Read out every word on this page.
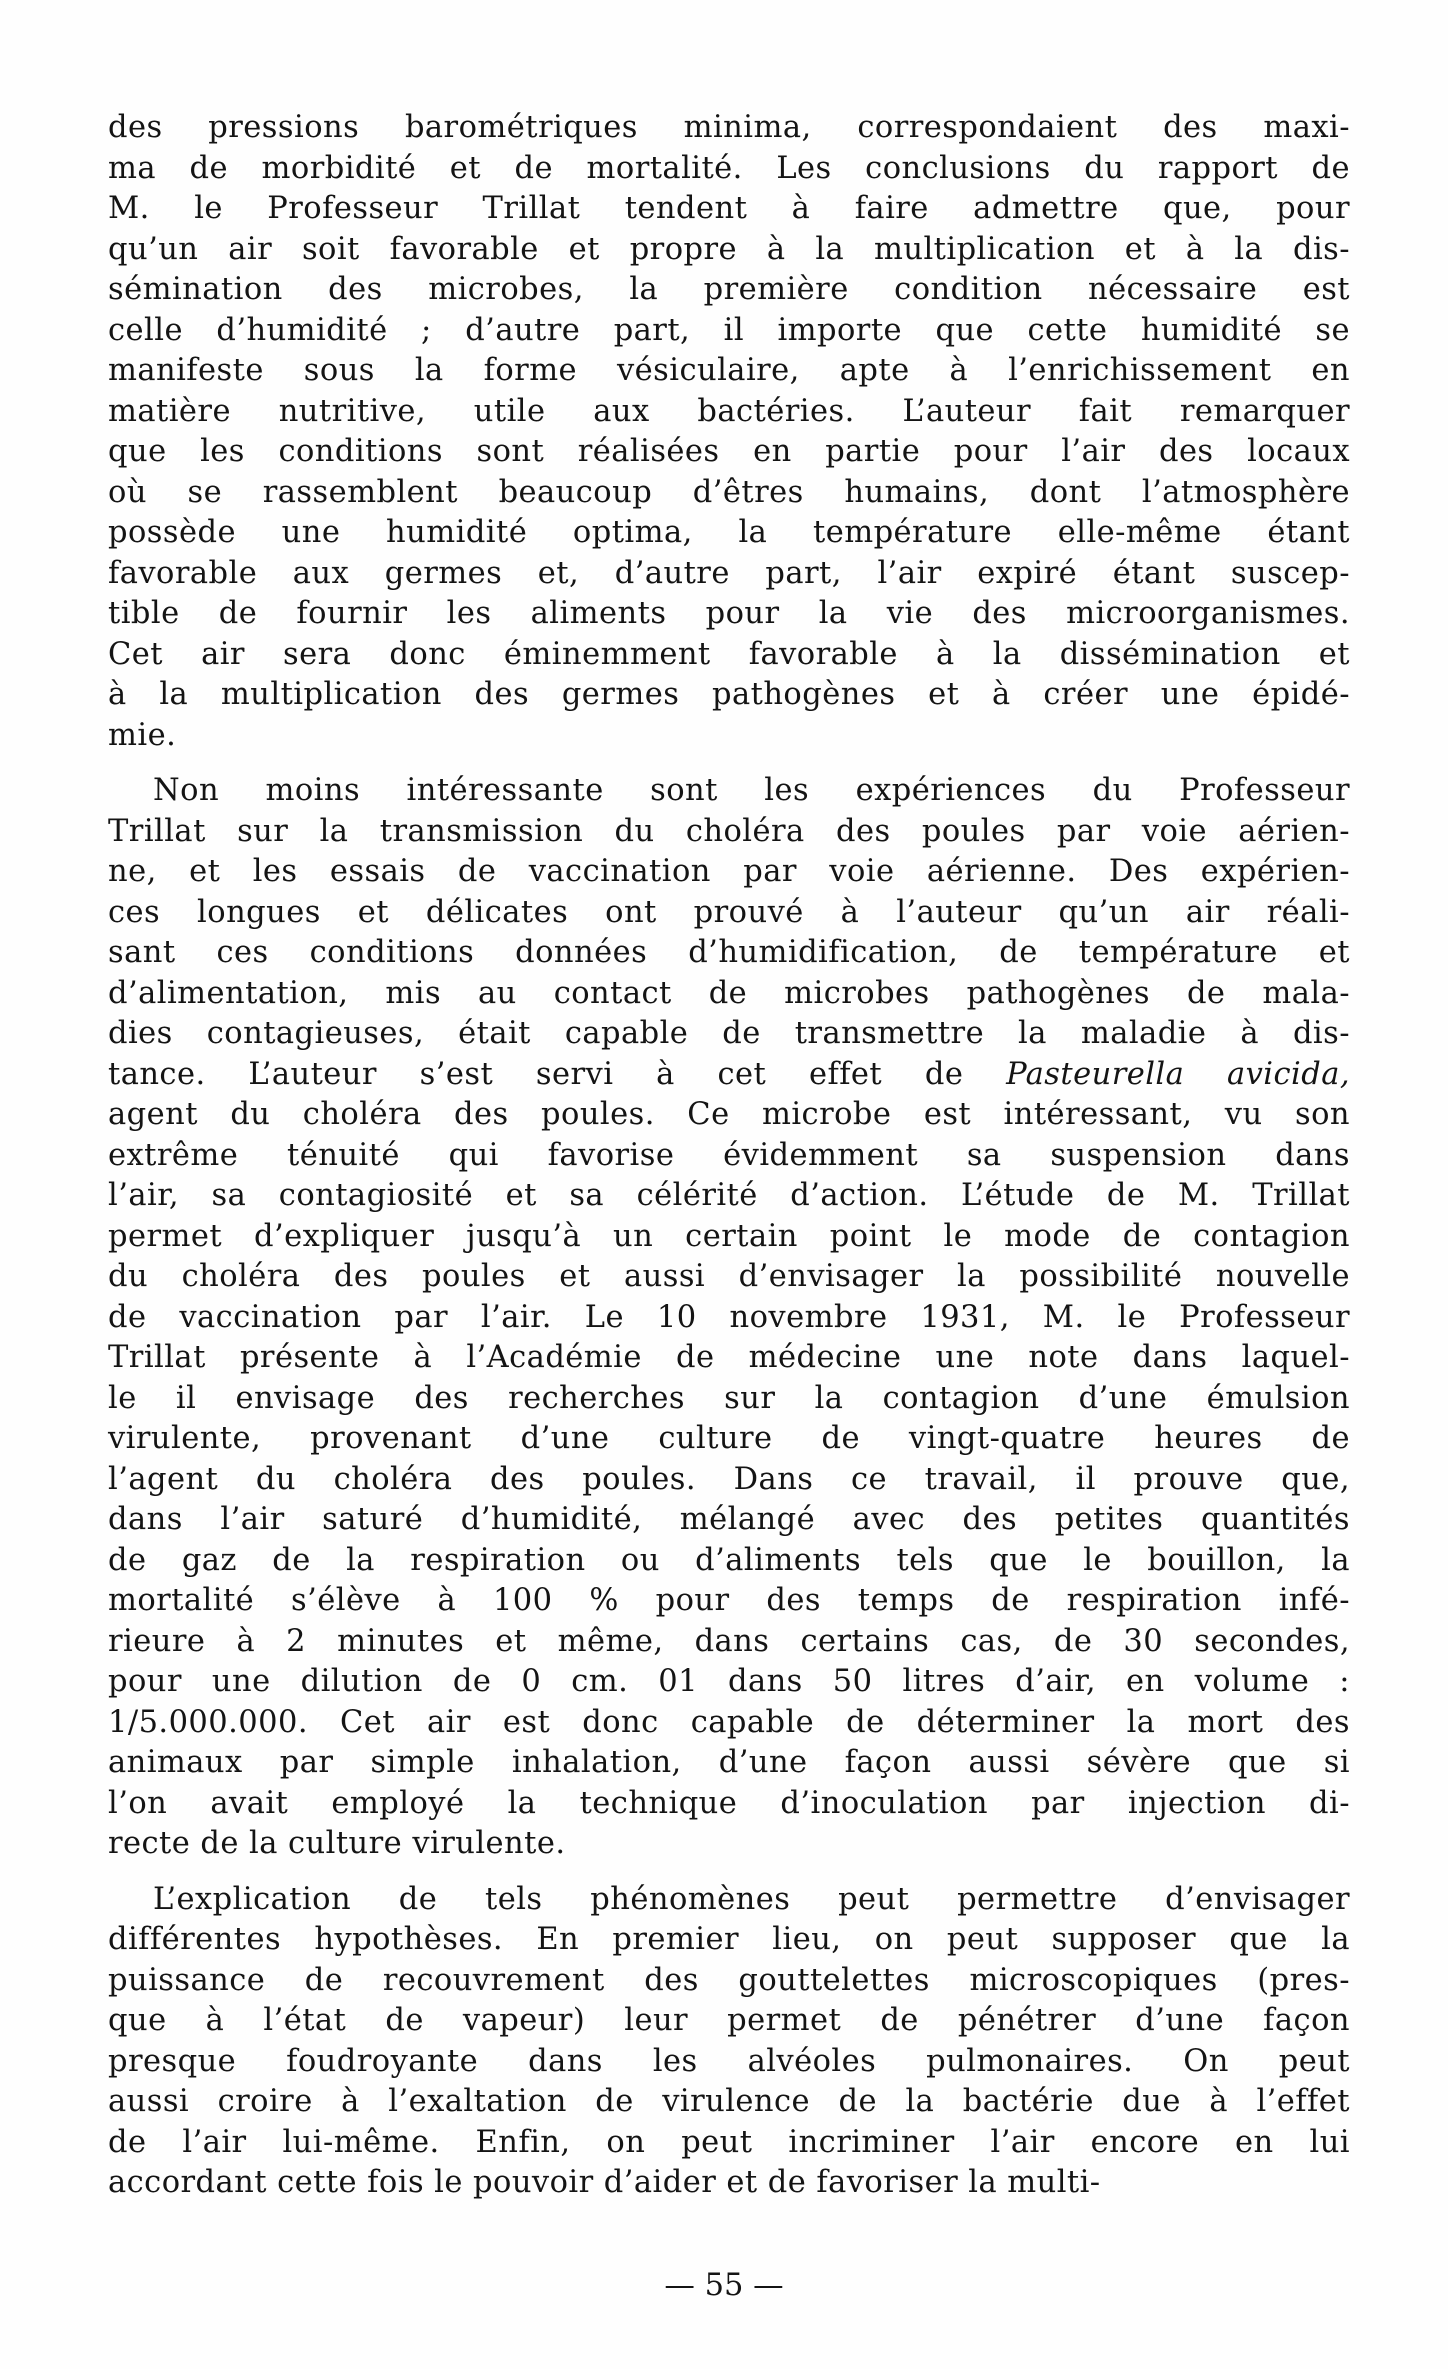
des pressions barométriques minima, correspondaient des maxi-
ma de morbidité et de mortalité. Les conclusions du rapport de
M. le Professeur Trillat tendent à faire admettre que, pour
qu’un air soit favorable et propre à la multiplication et à la dis-
sémination des microbes, la première condition nécessaire est
celle d’humidité ; d’autre part, il importe que cette humidité se
manifeste sous la forme vésiculaire, apte à l’enrichissement en
matière nutritive, utile aux bactéries. L’auteur fait remarquer
que les conditions sont réalisées en partie pour l’air des locaux
où se rassemblent beaucoup d’êtres humains, dont l’atmosphère
possède une humidité optima, la température elle-même étant
favorable aux germes et, d’autre part, l’air expiré étant suscep-
tible de fournir les aliments pour la vie des microorganismes.
Cet air sera donc éminemment favorable à la dissémination et
à la multiplication des germes pathogènes et à créer une épidé-
mie.
Non moins intéressante sont les expériences du Professeur
Trillat sur la transmission du choléra des poules par voie aérien-
ne, et les essais de vaccination par voie aérienne. Des expérien-
ces longues et délicates ont prouvé à l’auteur qu’un air réali-
sant ces conditions données d’humidification, de température et
d’alimentation, mis au contact de microbes pathogènes de mala-
dies contagieuses, était capable de transmettre la maladie à dis-
tance. L’auteur s’est servi à cet effet de Pasteurella avicida,
agent du choléra des poules. Ce microbe est intéressant, vu son
extrême ténuité qui favorise évidemment sa suspension dans
l’air, sa contagiosité et sa célérité d’action. L’étude de M. Trillat
permet d’expliquer jusqu’à un certain point le mode de contagion
du choléra des poules et aussi d’envisager la possibilité nouvelle
de vaccination par l’air. Le 10 novembre 1931, M. le Professeur
Trillat présente à l’Académie de médecine une note dans laquel-
le il envisage des recherches sur la contagion d’une émulsion
virulente, provenant d’une culture de vingt-quatre heures de
l’agent du choléra des poules. Dans ce travail, il prouve que,
dans l’air saturé d’humidité, mélangé avec des petites quantités
de gaz de la respiration ou d’aliments tels que le bouillon, la
mortalité s’élève à 100 % pour des temps de respiration infé-
rieure à 2 minutes et même, dans certains cas, de 30 secondes,
pour une dilution de 0 cm. 01 dans 50 litres d’air, en volume :
1/5.000.000. Cet air est donc capable de déterminer la mort des
animaux par simple inhalation, d’une façon aussi sévère que si
l’on avait employé la technique d’inoculation par injection di-
recte de la culture virulente.
L’explication de tels phénomènes peut permettre d’envisager
différentes hypothèses. En premier lieu, on peut supposer que la
puissance de recouvrement des gouttelettes microscopiques (pres-
que à l’état de vapeur) leur permet de pénétrer d’une façon
presque foudroyante dans les alvéoles pulmonaires. On peut
aussi croire à l’exaltation de virulence de la bactérie due à l’effet
de l’air lui-même. Enfin, on peut incriminer l’air encore en lui
accordant cette fois le pouvoir d’aider et de favoriser la multi-
— 55 —
